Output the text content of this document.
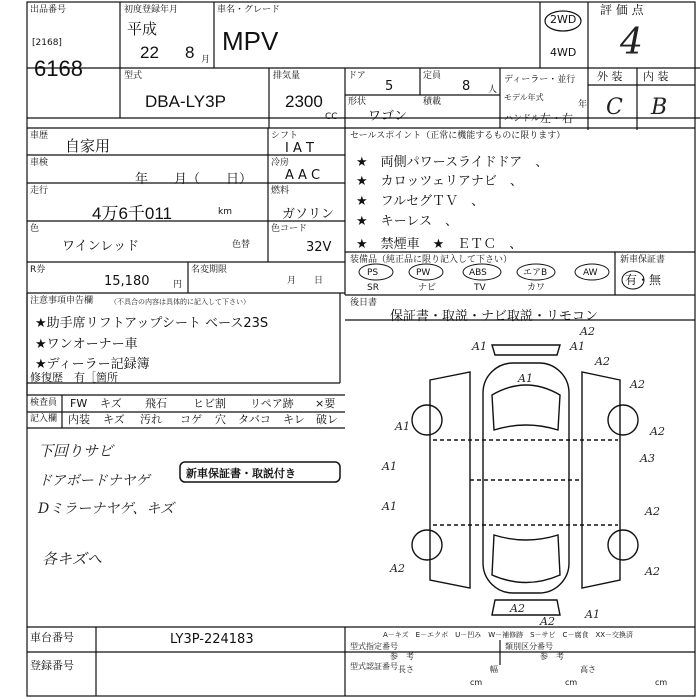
出品番号
[2168]
6168
初度登録年月
平成
22 8 月
車名・グレード
MPV
2WD
4WD
評 価 点
4
型式
DBA-LY3P
排気量
2300
CC
ドア
5
定員
8 人
形状
ワゴン
積載
ディーラー・並行
モデル年式
年
ハンドル 左・右
外 装 内 装
C B
車歴
自家用
車検
年　　月（　　日）
シフト
I A T
冷房
A A C
走行
4万6千011	km
燃料
ガソリン
色
ワインレッド	色替
色コード
32V
R券
15,180	円
名変期限
月　　日
セールスポイント（正常に機能するものに限ります）
★　両側パワースライドドア　、
★　カロッツェリアナビ　、
★　フルセグＴＶ　、
★　キーレス　、
★　禁煙車　★　ＥＴＣ　、
装備品（純正品に限り記入して下さい）	新車保証書
PS	PW	ABS	エアB	AW
SR	ナビ	TV	カワ
有・無
後日書
保証書・取説・ナビ取説・リモコン
注意事項申告欄 （不具合の内容は具体的に記入して下さい）
★助手席リフトアップシート ベース23S
★ワンオーナー車
★ディーラー記録簿
修復歴　有［箇所
検査員
記入欄
FW キズ 飛石 ヒビ割 リペア跡 ×要
内装 キズ 汚れ コゲ 穴 タバコ キレ 破レ
下回りサビ
ドアボードナヤゲ
Dミラーナヤゲ、キズ
各キズへ
新車保証書・取説付き
A1	A1
A1
A1
A1
A1
A2
A2
A3
A2
A2
A2
A2	A1
A2
A2
A2
A－キズ　E－エクボ　U－凹み　W－補修跡　S－サビ　C－腐食　XX－交換済
車台番号	LY3P-224183
登録番号
型式指定番号
参　考
類別区分番号
参　考
型式認証番号 長さ	幅	高さ
cm	cm	cm
